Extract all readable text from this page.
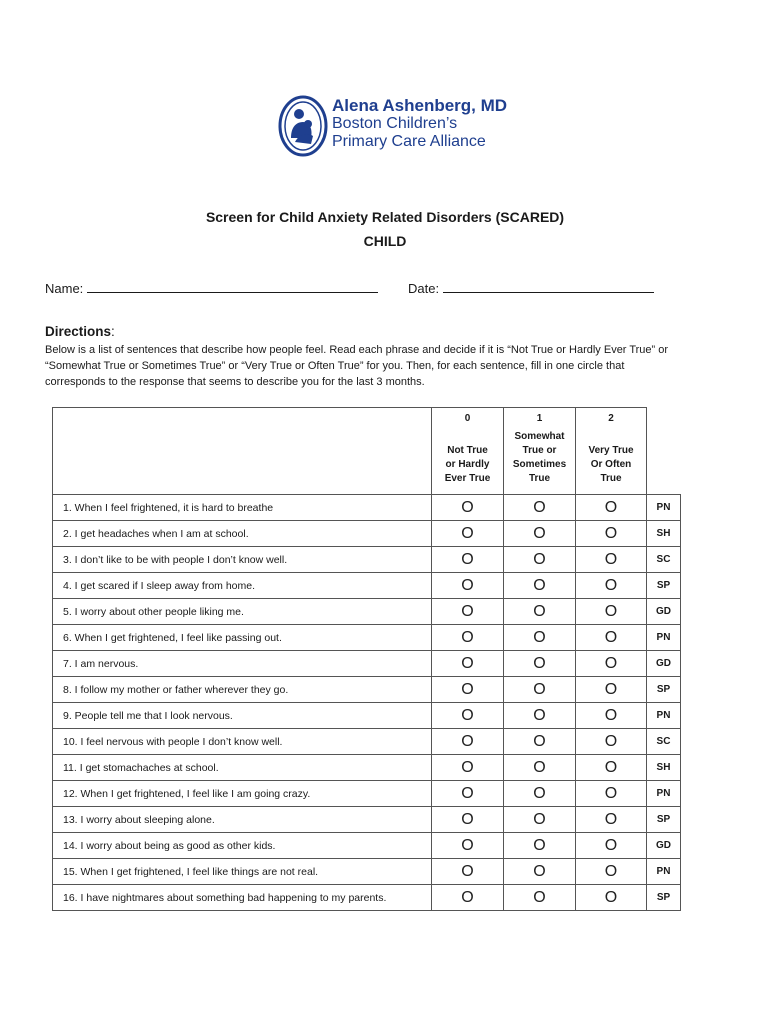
Alena Ashenberg, MD
Boston Children’s
Primary Care Alliance
Screen for Child Anxiety Related Disorders (SCARED)
CHILD
Name:	Date:
Directions:
Below is a list of sentences that describe how people feel. Read each phrase and decide if it is “Not True or Hardly Ever True” or “Somewhat True or Sometimes True” or “Very True or Often True” for you. Then, for each sentence, fill in one circle that corresponds to the response that seems to describe you for the last 3 months.

	0
Not True
or Hardly
Ever True	1
Somewhat
True or
Sometimes
True	2
Very True
Or Often
True	

1. When I feel frightened, it is hard to breathe	O	O	O	PN
2. I get headaches when I am at school.	O	O	O	SH
3. I don’t like to be with people I don’t know well.	O	O	O	SC
4. I get scared if I sleep away from home.	O	O	O	SP
5. I worry about other people liking me.	O	O	O	GD
6. When I get frightened, I feel like passing out.	O	O	O	PN
7. I am nervous.	O	O	O	GD
8. I follow my mother or father wherever they go.	O	O	O	SP
9. People tell me that I look nervous.	O	O	O	PN
10. I feel nervous with people I don’t know well.	O	O	O	SC
11. I get stomachaches at school.	O	O	O	SH
12. When I get frightened, I feel like I am going crazy.	O	O	O	PN
13. I worry about sleeping alone.	O	O	O	SP
14. I worry about being as good as other kids.	O	O	O	GD
15. When I get frightened, I feel like things are not real.	O	O	O	PN
16. I have nightmares about something bad happening to my parents.	O	O	O	SP
